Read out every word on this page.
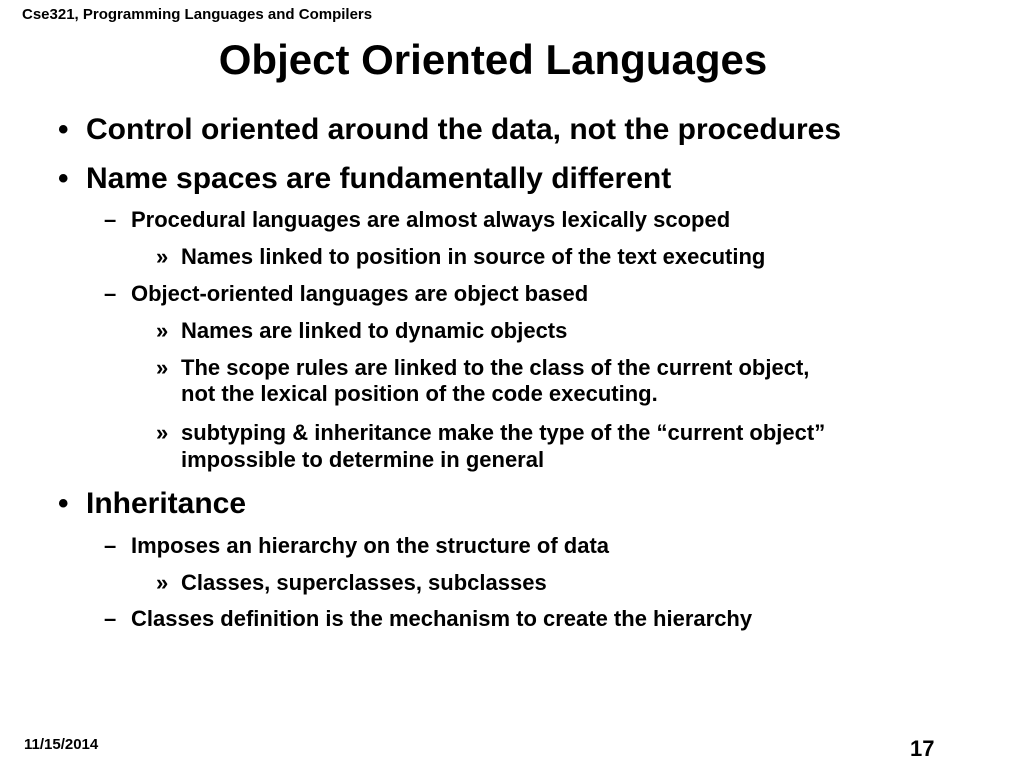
Cse321, Programming Languages and Compilers
Object Oriented Languages
• Control oriented around the data, not the procedures
• Name spaces are fundamentally different
– Procedural languages are almost always lexically scoped
» Names linked to position in source of the text executing
– Object-oriented languages are object based
» Names are linked to dynamic objects
» The scope rules are linked to the class of the current object,
not the lexical position of the code executing.
» subtyping & inheritance make the type of the “current object”
impossible to determine in general
• Inheritance
– Imposes an hierarchy on the structure of data
» Classes, superclasses, subclasses
– Classes definition is the mechanism to create the hierarchy
11/15/2014	17
